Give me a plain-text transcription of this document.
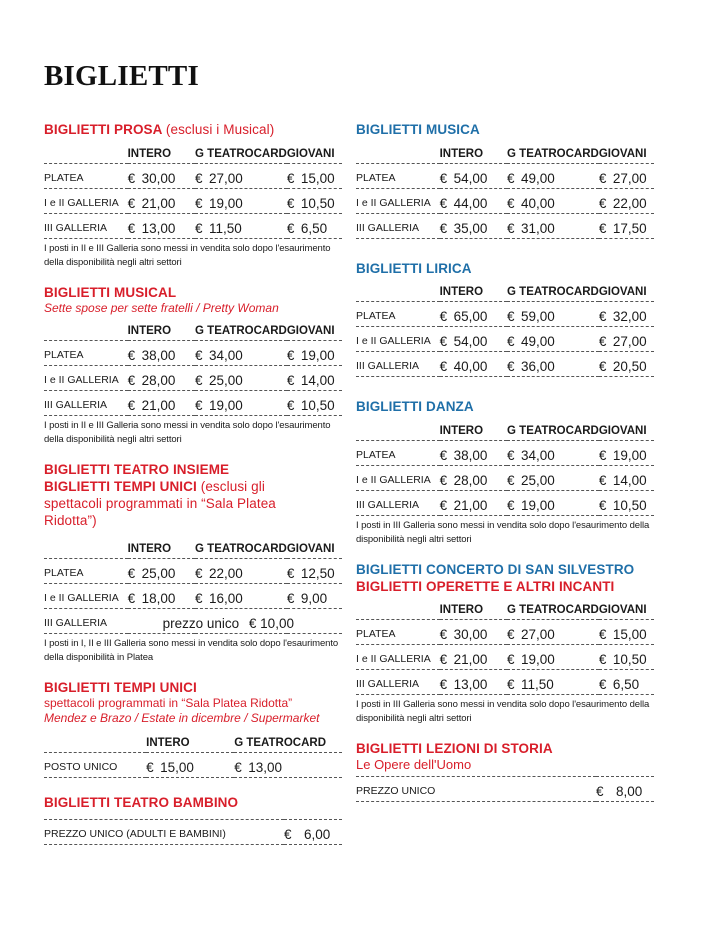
BIGLIETTI
BIGLIETTI PROSA (esclusi i Musical)
	INTERO	G TEATROCARD	GIOVANI
PLATEA	€ 30,00	€ 27,00	€ 15,00
I e II GALLERIA	€ 21,00	€ 19,00	€ 10,50
III GALLERIA	€ 13,00	€ 11,50	€ 6,50
I posti in II e III Galleria sono messi in vendita solo dopo l'esaurimento della disponibilità negli altri settori
BIGLIETTI MUSICAL
Sette spose per sette fratelli / Pretty Woman
	INTERO	G TEATROCARD	GIOVANI
PLATEA	€ 38,00	€ 34,00	€ 19,00
I e II GALLERIA	€ 28,00	€ 25,00	€ 14,00
III GALLERIA	€ 21,00	€ 19,00	€ 10,50
I posti in II e III Galleria sono messi in vendita solo dopo l'esaurimento della disponibilità negli altri settori
BIGLIETTI TEATRO INSIEME
BIGLIETTI TEMPI UNICI (esclusi gli spettacoli programmati in “Sala Platea Ridotta”)
	INTERO	G TEATROCARD	GIOVANI
PLATEA	€ 25,00	€ 22,00	€ 12,50
I e II GALLERIA	€ 18,00	€ 16,00	€ 9,00
III GALLERIA	prezzo unico € 10,00		
I posti in I, II e III Galleria sono messi in vendita solo dopo l'esaurimento della disponibilità in Platea
BIGLIETTI TEMPI UNICI
spettacoli programmati in “Sala Platea Ridotta”
Mendez e Brazo / Estate in dicembre / Supermarket
	INTERO	G TEATROCARD
POSTO UNICO	€ 15,00	€ 13,00
BIGLIETTI TEATRO BAMBINO
PREZZO UNICO (ADULTI E BAMBINI)	€ 6,00
BIGLIETTI MUSICA
	INTERO	G TEATROCARD	GIOVANI
PLATEA	€ 54,00	€ 49,00	€ 27,00
I e II GALLERIA	€ 44,00	€ 40,00	€ 22,00
III GALLERIA	€ 35,00	€ 31,00	€ 17,50
BIGLIETTI LIRICA
	INTERO	G TEATROCARD	GIOVANI
PLATEA	€ 65,00	€ 59,00	€ 32,00
I e II GALLERIA	€ 54,00	€ 49,00	€ 27,00
III GALLERIA	€ 40,00	€ 36,00	€ 20,50
BIGLIETTI DANZA
	INTERO	G TEATROCARD	GIOVANI
PLATEA	€ 38,00	€ 34,00	€ 19,00
I e II GALLERIA	€ 28,00	€ 25,00	€ 14,00
III GALLERIA	€ 21,00	€ 19,00	€ 10,50
I posti in III Galleria sono messi in vendita solo dopo l'esaurimento della disponibilità negli altri settori
BIGLIETTI CONCERTO DI SAN SILVESTRO
BIGLIETTI OPERETTE E ALTRI INCANTI
	INTERO	G TEATROCARD	GIOVANI
PLATEA	€ 30,00	€ 27,00	€ 15,00
I e II GALLERIA	€ 21,00	€ 19,00	€ 10,50
III GALLERIA	€ 13,00	€ 11,50	€ 6,50
I posti in III Galleria sono messi in vendita solo dopo l'esaurimento della disponibilità negli altri settori
BIGLIETTI LEZIONI DI STORIA
Le Opere dell'Uomo
PREZZO UNICO	€ 8,00
